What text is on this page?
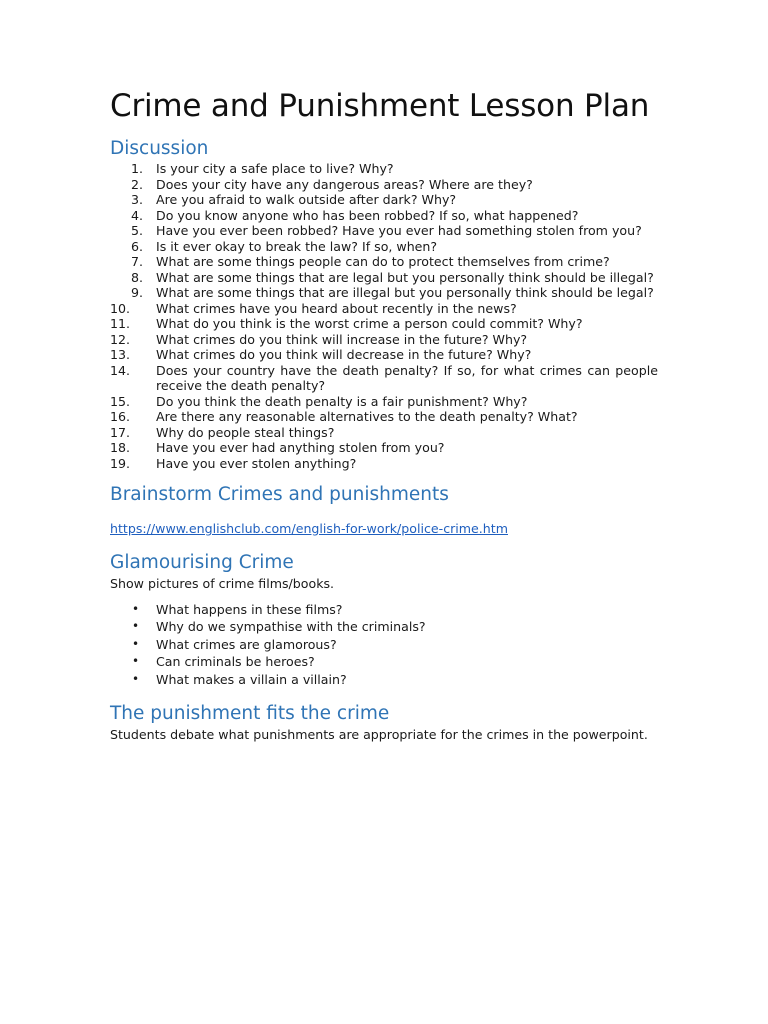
Crime and Punishment Lesson Plan
Discussion
1.	Is your city a safe place to live? Why?
2.	Does your city have any dangerous areas? Where are they?
3.	Are you afraid to walk outside after dark? Why?
4.	Do you know anyone who has been robbed? If so, what happened?
5.	Have you ever been robbed? Have you ever had something stolen from you?
6.	Is it ever okay to break the law? If so, when?
7.	What are some things people can do to protect themselves from crime?
8.	What are some things that are legal but you personally think should be illegal?
9.	What are some things that are illegal but you personally think should be legal?
10.	What crimes have you heard about recently in the news?
11.	What do you think is the worst crime a person could commit? Why?
12.	What crimes do you think will increase in the future? Why?
13.	What crimes do you think will decrease in the future? Why?
14.	Does your country have the death penalty? If so, for what crimes can people receive the death penalty?
15.	Do you think the death penalty is a fair punishment? Why?
16.	Are there any reasonable alternatives to the death penalty? What?
17.	Why do people steal things?
18.	Have you ever had anything stolen from you?
19.	Have you ever stolen anything?
Brainstorm Crimes and punishments

https://www.englishclub.com/english-for-work/police-crime.htm

Glamourising Crime

Show pictures of crime films/books.

•	What happens in these films?
•	Why do we sympathise with the criminals?
•	What crimes are glamorous?
•	Can criminals be heroes?
•	What makes a villain a villain?
The punishment fits the crime

Students debate what punishments are appropriate for the crimes in the powerpoint.
